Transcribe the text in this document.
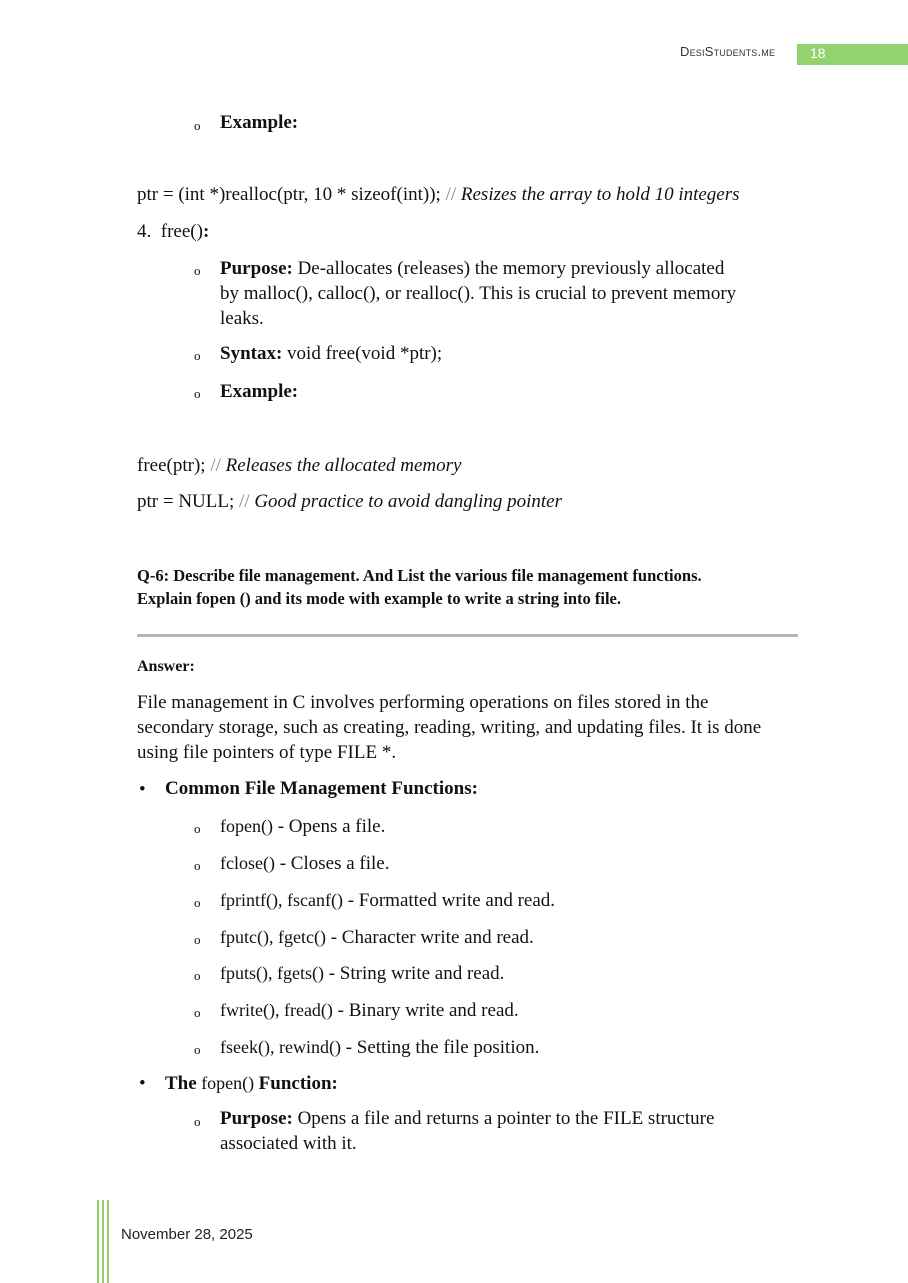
DesiStudents.me 18
o Example:
ptr = (int *)realloc(ptr, 10 * sizeof(int)); // Resizes the array to hold 10 integers
4. free():
o Purpose: De-allocates (releases) the memory previously allocated
by malloc(), calloc(), or realloc(). This is crucial to prevent memory
leaks.
o Syntax: void free(void *ptr);
o Example:
free(ptr); // Releases the allocated memory
ptr = NULL; // Good practice to avoid dangling pointer
Q-6: Describe file management. And List the various file management functions.
Explain fopen () and its mode with example to write a string into file.
Answer:
File management in C involves performing operations on files stored in the
secondary storage, such as creating, reading, writing, and updating files. It is done
using file pointers of type FILE *.
• Common File Management Functions:
o fopen() - Opens a file.
o fclose() - Closes a file.
o fprintf(), fscanf() - Formatted write and read.
o fputc(), fgetc() - Character write and read.
o fputs(), fgets() - String write and read.
o fwrite(), fread() - Binary write and read.
o fseek(), rewind() - Setting the file position.
• The fopen() Function:
o Purpose: Opens a file and returns a pointer to the FILE structure
associated with it.
November 28, 2025
